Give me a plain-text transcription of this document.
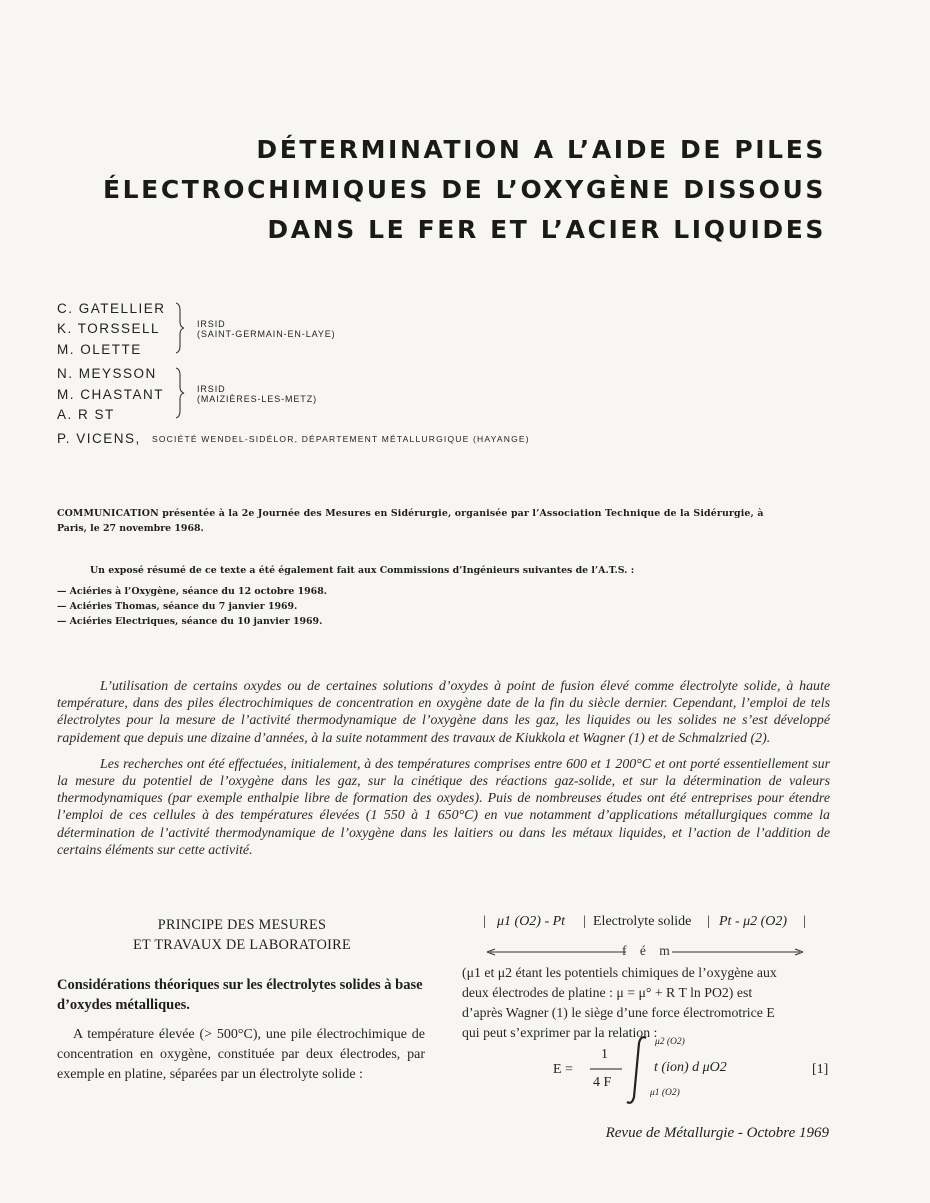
DÉTERMINATION A L’AIDE DE PILES
ÉLECTROCHIMIQUES DE L’OXYGÈNE DISSOUS
DANS LE FER ET L’ACIER LIQUIDES
C. GATELLIER
K. TORSSELL
M. OLETTE
IRSID
(SAINT-GERMAIN-EN-LAYE)
N. MEYSSON
M. CHASTANT
A. R ST
IRSID
(MAIZIÈRES-LES-METZ)
P. VICENS, SOCIÉTÉ WENDEL-SIDÉLOR, DÉPARTEMENT MÉTALLURGIQUE (HAYANGE)
COMMUNICATION présentée à la 2e Journée des Mesures en Sidérurgie, organisée par l’Association Technique de la Sidérurgie, à
Paris, le 27 novembre 1968.
Un exposé résumé de ce texte a été également fait aux Commissions d’Ingénieurs suivantes de l’A.T.S. :
— Aciéries à l’Oxygène, séance du 12 octobre 1968.
— Aciéries Thomas, séance du 7 janvier 1969.
— Aciéries Electriques, séance du 10 janvier 1969.

L’utilisation de certains oxydes ou de certaines solutions d’oxydes à point de fusion élevé comme électrolyte solide, à haute température, dans des piles électrochimiques de concentration en oxygène date de la fin du siècle dernier. Cependant, l’emploi de tels électrolytes pour la mesure de l’activité thermodynamique de l’oxygène dans les gaz, les liquides ou les solides ne s’est développé rapidement que depuis une dizaine d’années, à la suite notamment des travaux de Kiukkola et Wagner (1) et de Schmalzried (2).

Les recherches ont été effectuées, initialement, à des températures comprises entre 600 et 1 200°C et ont porté essentiellement sur la mesure du potentiel de l’oxygène dans les gaz, sur la cinétique des réactions gaz-solide, et sur la détermination de valeurs thermodynamiques (par exemple enthalpie libre de formation des oxydes). Puis de nombreuses études ont été entreprises pour étendre l’emploi de ces cellules à des températures élevées (1 550 à 1 650°C) en vue notamment d’applications métallurgiques comme la détermination de l’activité thermodynamique de l’oxygène dans les laitiers ou dans les métaux liquides, et l’action de l’addition de certains éléments sur cette activité.

PRINCIPE DES MESURES
ET TRAVAUX DE LABORATOIRE
Considérations théoriques sur les électrolytes solides à base d’oxydes métalliques.
A température élevée (> 500°C), une pile électrochimique de concentration en oxygène, constituée par deux électrodes, par exemple en platine, séparées par un électrolyte solide :
| μ1 (O2) - Pt | Electrolyte solide | Pt - μ2 (O2) |
f é m
(μ1 et μ2 étant les potentiels chimiques de l’oxygène aux
deux électrodes de platine : μ = μ° + R T ln PO2) est
d’après Wagner (1) le siège d’une force électromotrice E
qui peut s’exprimer par la relation :
E =
1
4 F
μ2 (O2)
μ1 (O2)
t (ion) d μO2	[1]
Revue de Métallurgie - Octobre 1969
